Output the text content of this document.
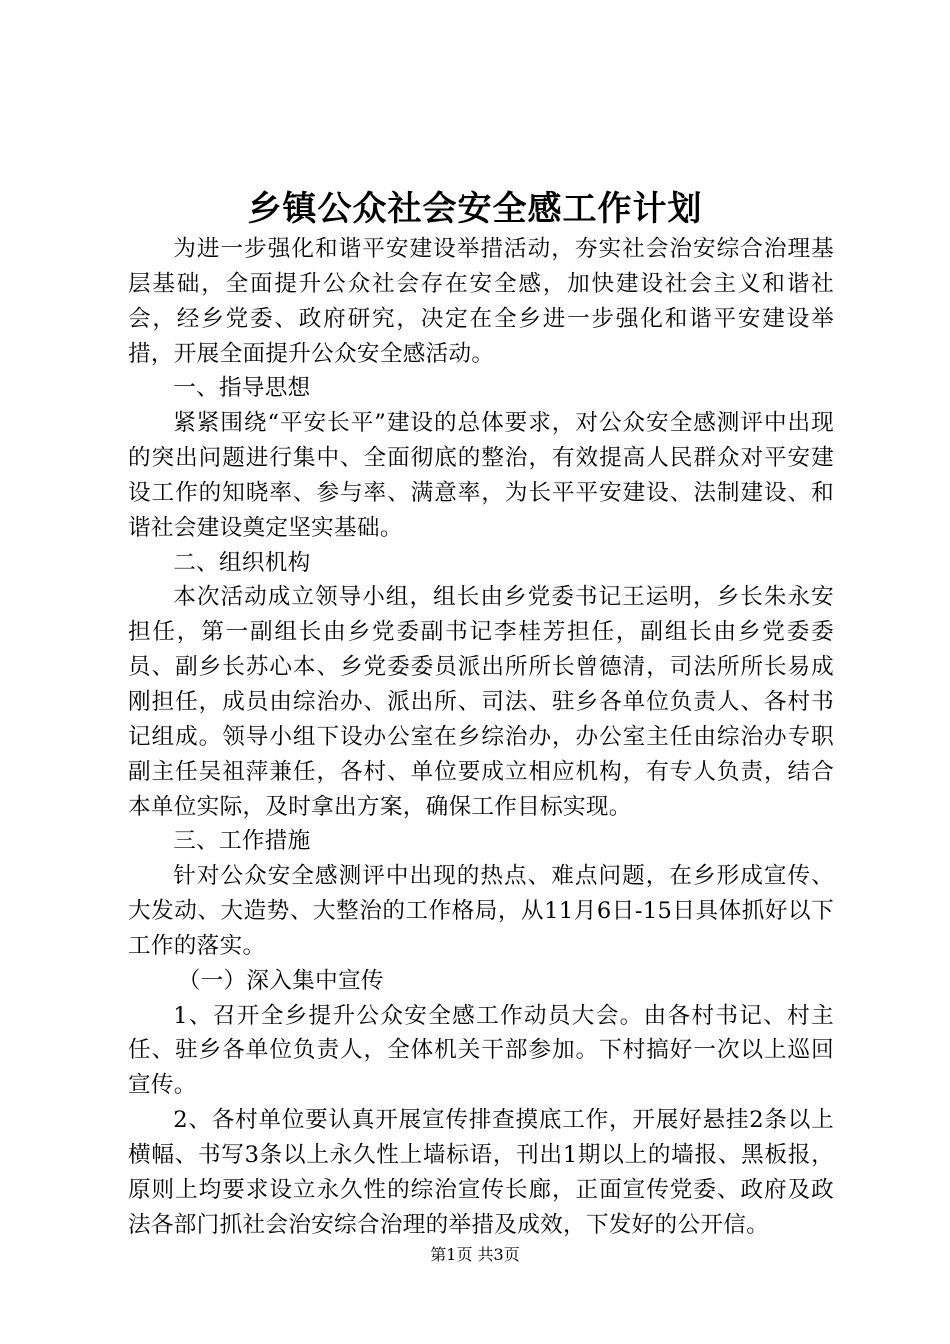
乡镇公众社会安全感工作计划

为进一步强化和谐平安建设举措活动，夯实社会治安综合治理基层基础，全面提升公众社会存在安全感，加快建设社会主义和谐社会，经乡党委、政府研究，决定在全乡进一步强化和谐平安建设举措，开展全面提升公众安全感活动。

一、指导思想

紧紧围绕“平安长平”建设的总体要求，对公众安全感测评中出现的突出问题进行集中、全面彻底的整治，有效提高人民群众对平安建设工作的知晓率、参与率、满意率，为长平平安建设、法制建设、和谐社会建设奠定坚实基础。

二、组织机构

本次活动成立领导小组，组长由乡党委书记王运明，乡长朱永安担任，第一副组长由乡党委副书记李桂芳担任，副组长由乡党委委员、副乡长苏心本、乡党委委员派出所所长曾德清，司法所所长易成刚担任，成员由综治办、派出所、司法、驻乡各单位负责人、各村书记组成。领导小组下设办公室在乡综治办，办公室主任由综治办专职副主任吴祖萍兼任，各村、单位要成立相应机构，有专人负责，结合本单位实际，及时拿出方案，确保工作目标实现。

三、工作措施

针对公众安全感测评中出现的热点、难点问题，在乡形成宣传、大发动、大造势、大整治的工作格局，从11月6日-15日具体抓好以下工作的落实。

（一）深入集中宣传

1、召开全乡提升公众安全感工作动员大会。由各村书记、村主任、驻乡各单位负责人，全体机关干部参加。下村搞好一次以上巡回宣传。

2、各村单位要认真开展宣传排查摸底工作，开展好悬挂2条以上横幅、书写3条以上永久性上墙标语，刊出1期以上的墙报、黑板报，原则上均要求设立永久性的综治宣传长廊，正面宣传党委、政府及政法各部门抓社会治安综合治理的举措及成效，下发好的公开信。

第1页 共3页
